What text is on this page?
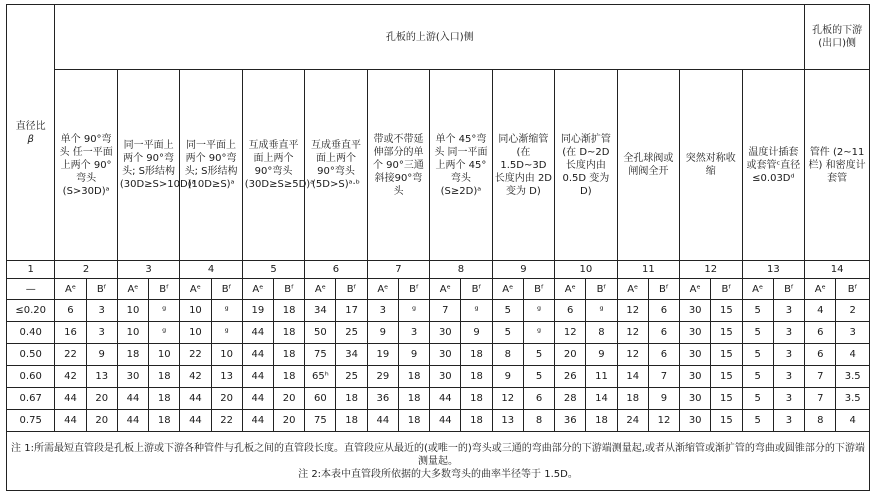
直径比
β	孔板的上游(入口)侧																								孔板的下游(出口)侧	
	单个 90°弯头 任一平面上两个 90°弯头 (S>30D)ᵃ		同一平面上两个 90°弯头; S形结构 (30D≥S>10D)ᵃ		同一平面上两个 90°弯头; S形结构 (10D≥S)ᵃ		互成垂直平面上两个 90°弯头 (30D≥S≥5D)ᵃ		互成垂直平面上两个 90°弯头 (5D>S)ᵃ·ᵇ		带或不带延伸部分的单个 90°三通斜接90°弯头		单个 45°弯头 同一平面上两个 45°弯头 (S≥2D)ᵃ		同心渐缩管(在 1.5D~3D 长度内由 2D 变为 D)		同心渐扩管(在 D~2D 长度内由 0.5D 变为 D)		全孔球阀或闸阀全开		突然对称收缩		温度计插套或套管ᶜ直径 ≤0.03Dᵈ		管件 (2~11 栏) 和密度计套管	
1	2		3		4		5		6		7		8		9		10		11		12		13		14	
—	Aᵉ	Bᶠ	Aᵉ	Bᶠ	Aᵉ	Bᶠ	Aᵉ	Bᶠ	Aᵉ	Bᶠ	Aᵉ	Bᶠ	Aᵉ	Bᶠ	Aᵉ	Bᶠ	Aᵉ	Bᶠ	Aᵉ	Bᶠ	Aᵉ	Bᶠ	Aᵉ	Bᶠ	Aᵉ	Bᶠ
≤0.20	6	3	10	ᵍ	10	ᵍ	19	18	34	17	3	ᵍ	7	ᵍ	5	ᵍ	6	ᵍ	12	6	30	15	5	3	4	2
0.40	16	3	10	ᵍ	10	ᵍ	44	18	50	25	9	3	30	9	5	ᵍ	12	8	12	6	30	15	5	3	6	3
0.50	22	9	18	10	22	10	44	18	75	34	19	9	30	18	8	5	20	9	12	6	30	15	5	3	6	4
0.60	42	13	30	18	42	13	44	18	65ʰ	25	29	18	30	18	9	5	26	11	14	7	30	15	5	3	7	3.5
0.67	44	20	44	18	44	20	44	20	60	18	36	18	44	18	12	6	28	14	18	9	30	15	5	3	7	3.5
0.75	44	20	44	18	44	22	44	20	75	18	44	18	44	18	13	8	36	18	24	12	30	15	5	3	8	4

注 1:所需最短直管段是孔板上游或下游各种管件与孔板之间的直管段长度。直管段应从最近的(或唯一的)弯头或三通的弯曲部分的下游端测量起,或者从渐缩管或渐扩管的弯曲或圆锥部分的下游端测量起。
注 2:本表中直管段所依据的大多数弯头的曲率半径等于 1.5D。																										
